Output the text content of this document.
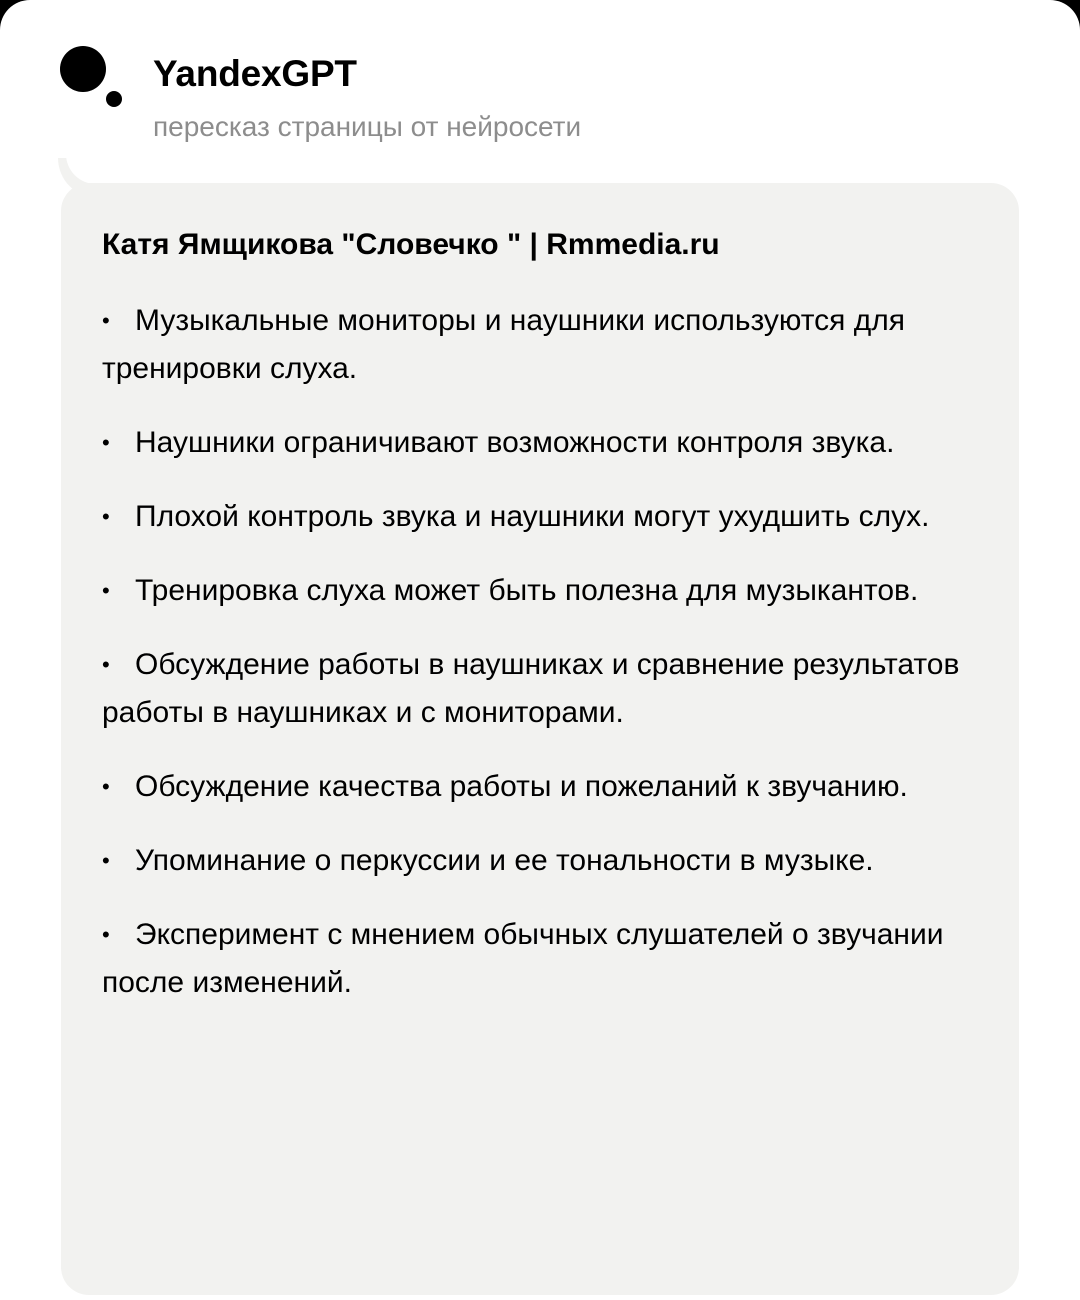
YandexGPT
пересказ страницы от нейросети
Катя Ямщикова "Словечко " | Rmmedia.ru
• Музыкальные мониторы и наушники используются для тренировки слуха.
• Наушники ограничивают возможности контроля звука.
• Плохой контроль звука и наушники могут ухудшить слух.
• Тренировка слуха может быть полезна для музыкантов.
• Обсуждение работы в наушниках и сравнение результатов работы в наушниках и с мониторами.
• Обсуждение качества работы и пожеланий к звучанию.
• Упоминание о перкуссии и ее тональности в музыке.
• Эксперимент с мнением обычных слушателей о звучании после изменений.
